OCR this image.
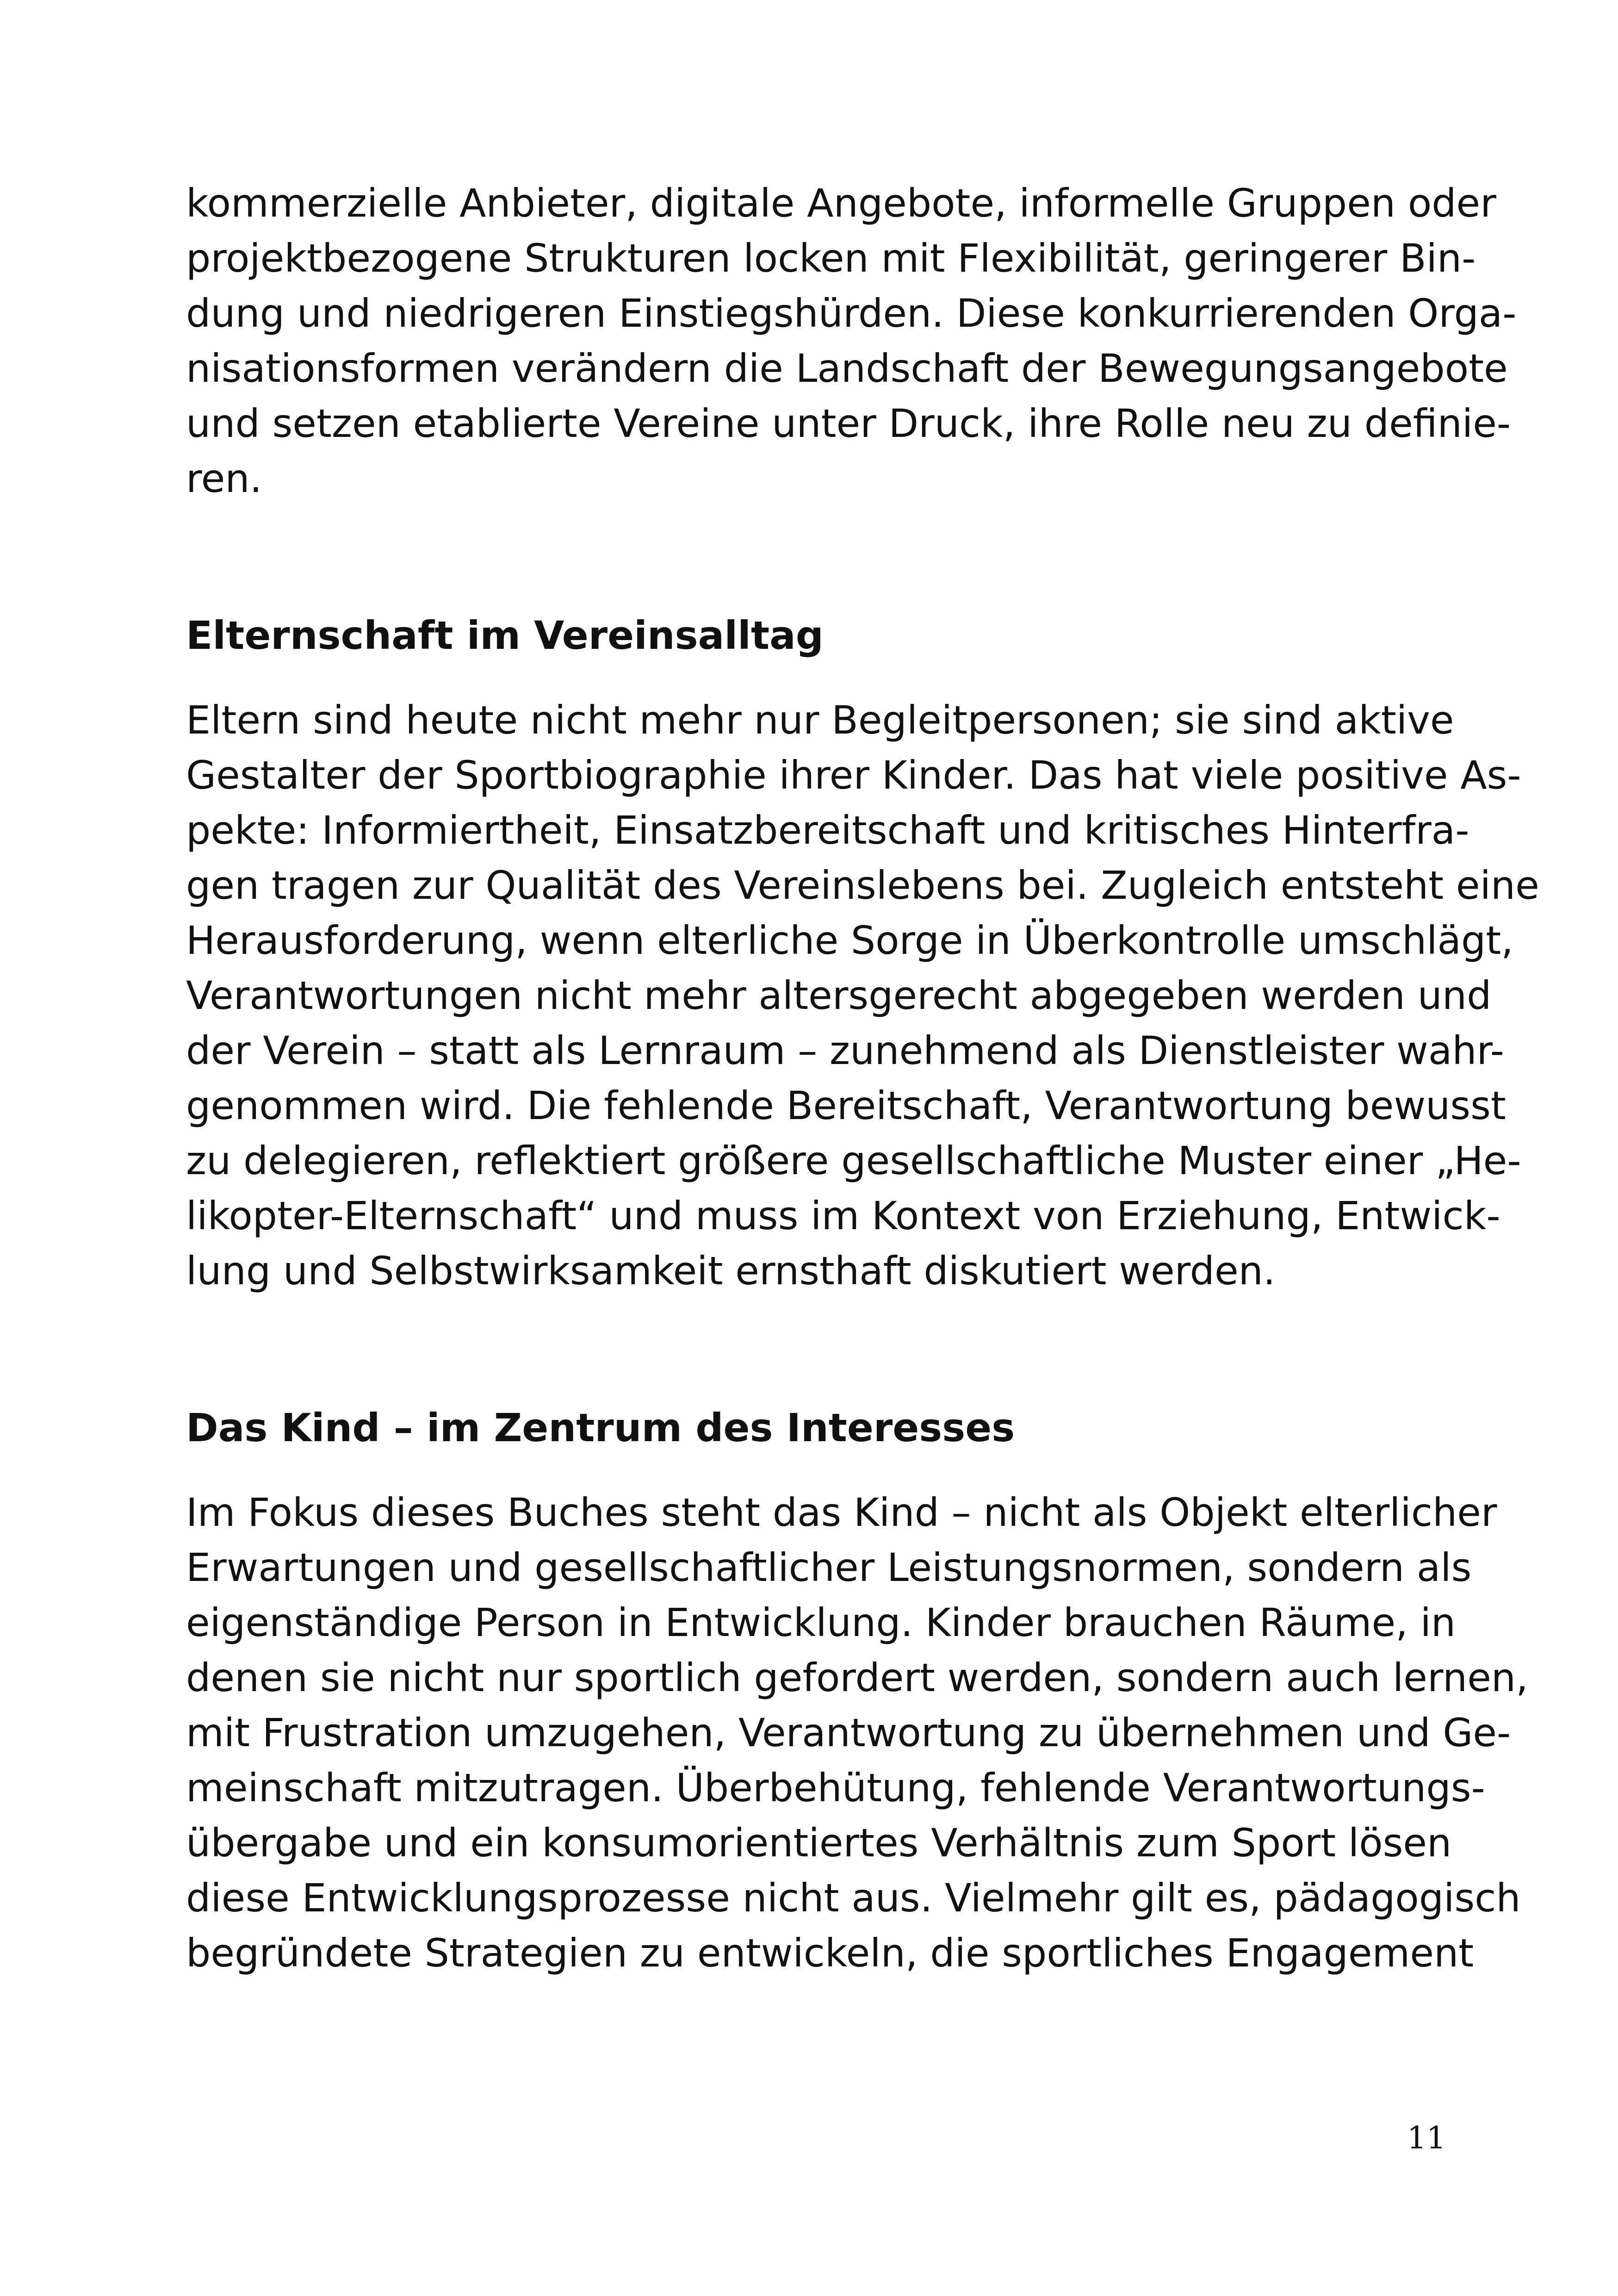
kommerzielle Anbieter, digitale Angebote, informelle Gruppen oder
projektbezogene Strukturen locken mit Flexibilität, geringerer Bin-
dung und niedrigeren Einstiegshürden. Diese konkurrierenden Orga-
nisationsformen verändern die Landschaft der Bewegungsangebote
und setzen etablierte Vereine unter Druck, ihre Rolle neu zu definie-
ren.
Elternschaft im Vereinsalltag
Eltern sind heute nicht mehr nur Begleitpersonen; sie sind aktive
Gestalter der Sportbiographie ihrer Kinder. Das hat viele positive As-
pekte: Informiertheit, Einsatzbereitschaft und kritisches Hinterfra-
gen tragen zur Qualität des Vereinslebens bei. Zugleich entsteht eine
Herausforderung, wenn elterliche Sorge in Überkontrolle umschlägt,
Verantwortungen nicht mehr altersgerecht abgegeben werden und
der Verein – statt als Lernraum – zunehmend als Dienstleister wahr-
genommen wird. Die fehlende Bereitschaft, Verantwortung bewusst
zu delegieren, reflektiert größere gesellschaftliche Muster einer „He-
likopter-Elternschaft“ und muss im Kontext von Erziehung, Entwick-
lung und Selbstwirksamkeit ernsthaft diskutiert werden.
Das Kind – im Zentrum des Interesses
Im Fokus dieses Buches steht das Kind – nicht als Objekt elterlicher
Erwartungen und gesellschaftlicher Leistungsnormen, sondern als
eigenständige Person in Entwicklung. Kinder brauchen Räume, in
denen sie nicht nur sportlich gefordert werden, sondern auch lernen,
mit Frustration umzugehen, Verantwortung zu übernehmen und Ge-
meinschaft mitzutragen. Überbehütung, fehlende Verantwortungs-
übergabe und ein konsumorientiertes Verhältnis zum Sport lösen
diese Entwicklungsprozesse nicht aus. Vielmehr gilt es, pädagogisch
begründete Strategien zu entwickeln, die sportliches Engagement
11
